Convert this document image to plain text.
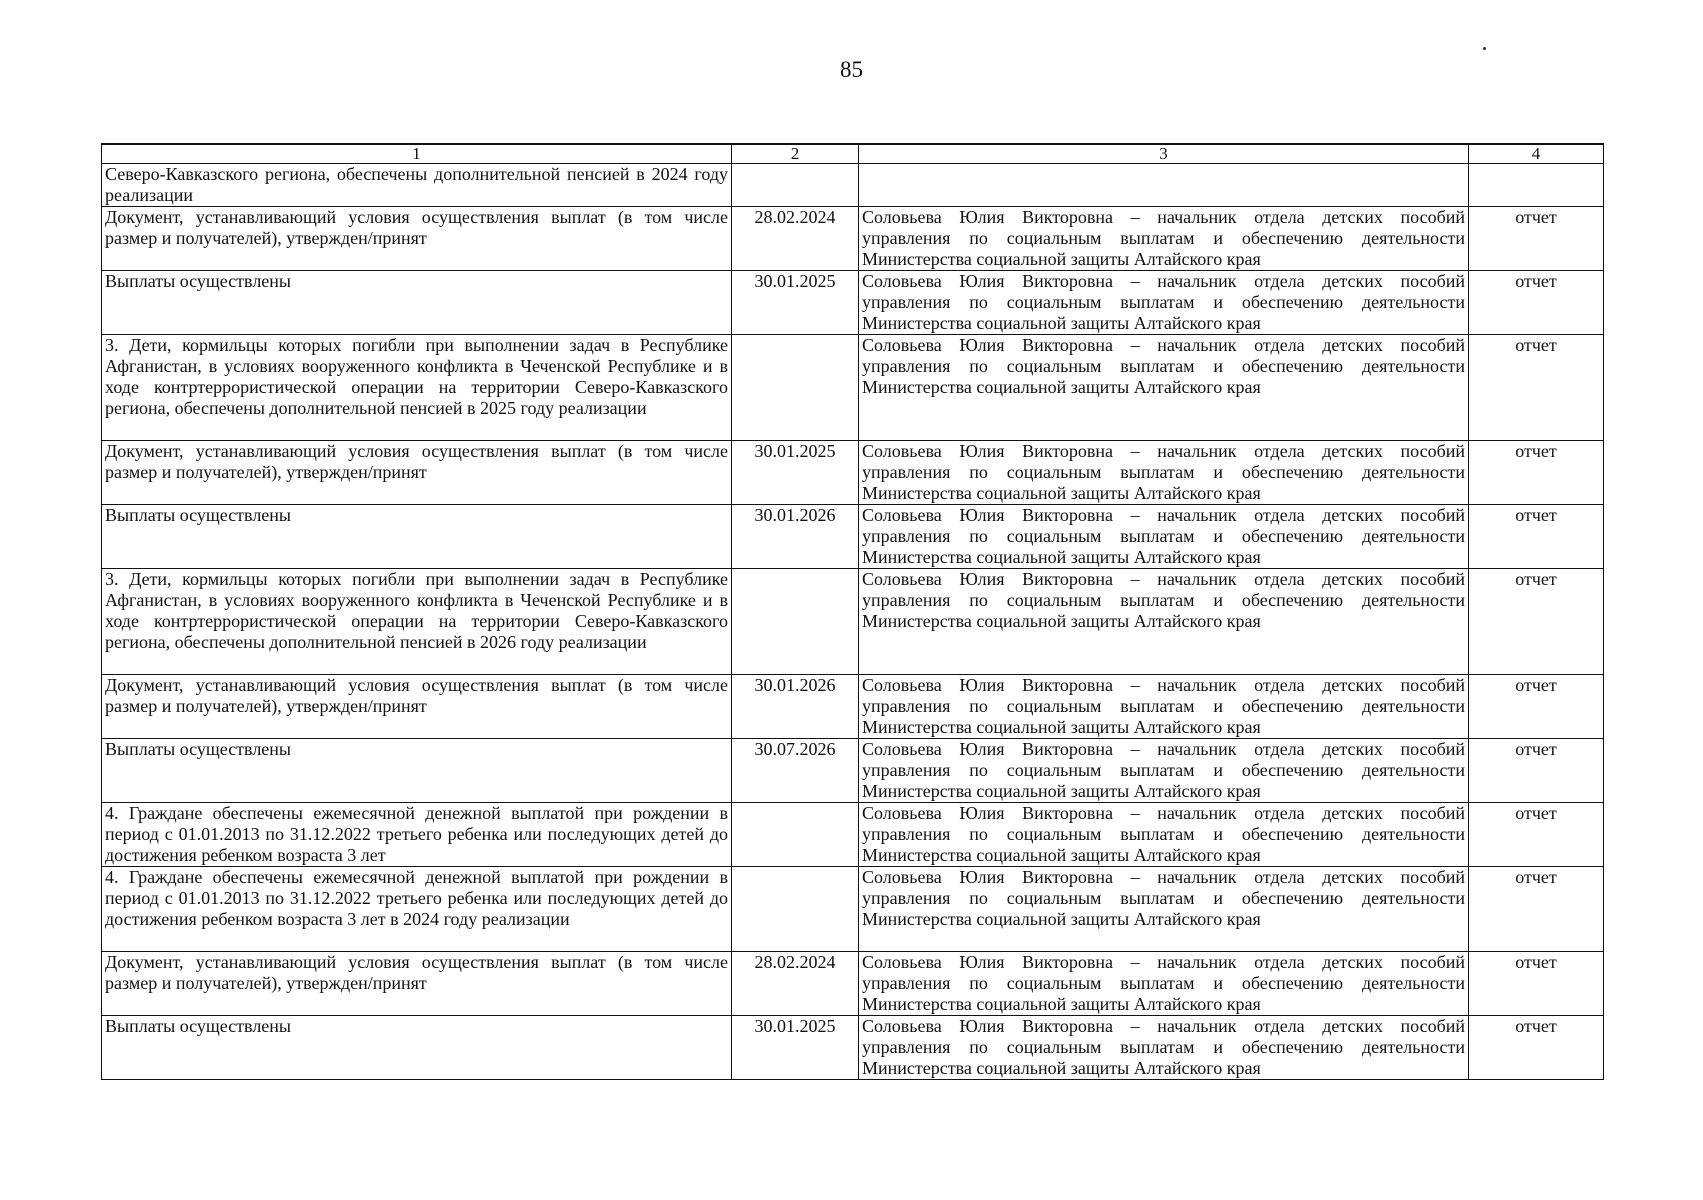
85
1	2	3	4
Северо-Кавказского региона, обеспечены дополнительной пенсией в 2024 году реализации			
Документ, устанавливающий условия осуществления выплат (в том числе размер и получателей), утвержден/принят	28.02.2024	Соловьева Юлия Викторовна – начальник отдела детских пособий управления по социальным выплатам и обеспечению деятельности Министерства социальной защиты Алтайского края	отчет
Выплаты осуществлены	30.01.2025	Соловьева Юлия Викторовна – начальник отдела детских пособий управления по социальным выплатам и обеспечению деятельности Министерства социальной защиты Алтайского края	отчет
3. Дети, кормильцы которых погибли при выполнении задач в Республике Афганистан, в условиях вооруженного конфликта в Чеченской Республике и в ходе контртеррористической операции на территории Северо-Кавказского региона, обеспечены дополнительной пенсией в 2025 году реализации		Соловьева Юлия Викторовна – начальник отдела детских пособий управления по социальным выплатам и обеспечению деятельности Министерства социальной защиты Алтайского края	отчет
Документ, устанавливающий условия осуществления выплат (в том числе размер и получателей), утвержден/принят	30.01.2025	Соловьева Юлия Викторовна – начальник отдела детских пособий управления по социальным выплатам и обеспечению деятельности Министерства социальной защиты Алтайского края	отчет
Выплаты осуществлены	30.01.2026	Соловьева Юлия Викторовна – начальник отдела детских пособий управления по социальным выплатам и обеспечению деятельности Министерства социальной защиты Алтайского края	отчет
3. Дети, кормильцы которых погибли при выполнении задач в Республике Афганистан, в условиях вооруженного конфликта в Чеченской Республике и в ходе контртеррористической операции на территории Северо-Кавказского региона, обеспечены дополнительной пенсией в 2026 году реализации		Соловьева Юлия Викторовна – начальник отдела детских пособий управления по социальным выплатам и обеспечению деятельности Министерства социальной защиты Алтайского края	отчет
Документ, устанавливающий условия осуществления выплат (в том числе размер и получателей), утвержден/принят	30.01.2026	Соловьева Юлия Викторовна – начальник отдела детских пособий управления по социальным выплатам и обеспечению деятельности Министерства социальной защиты Алтайского края	отчет
Выплаты осуществлены	30.07.2026	Соловьева Юлия Викторовна – начальник отдела детских пособий управления по социальным выплатам и обеспечению деятельности Министерства социальной защиты Алтайского края	отчет
4. Граждане обеспечены ежемесячной денежной выплатой при рождении в период с 01.01.2013 по 31.12.2022 третьего ребенка или последующих детей до достижения ребенком возраста 3 лет		Соловьева Юлия Викторовна – начальник отдела детских пособий управления по социальным выплатам и обеспечению деятельности Министерства социальной защиты Алтайского края	отчет
4. Граждане обеспечены ежемесячной денежной выплатой при рождении в период с 01.01.2013 по 31.12.2022 третьего ребенка или последующих детей до достижения ребенком возраста 3 лет в 2024 году реализации		Соловьева Юлия Викторовна – начальник отдела детских пособий управления по социальным выплатам и обеспечению деятельности Министерства социальной защиты Алтайского края	отчет
Документ, устанавливающий условия осуществления выплат (в том числе размер и получателей), утвержден/принят	28.02.2024	Соловьева Юлия Викторовна – начальник отдела детских пособий управления по социальным выплатам и обеспечению деятельности Министерства социальной защиты Алтайского края	отчет
Выплаты осуществлены	30.01.2025	Соловьева Юлия Викторовна – начальник отдела детских пособий управления по социальным выплатам и обеспечению деятельности Министерства социальной защиты Алтайского края	отчет
